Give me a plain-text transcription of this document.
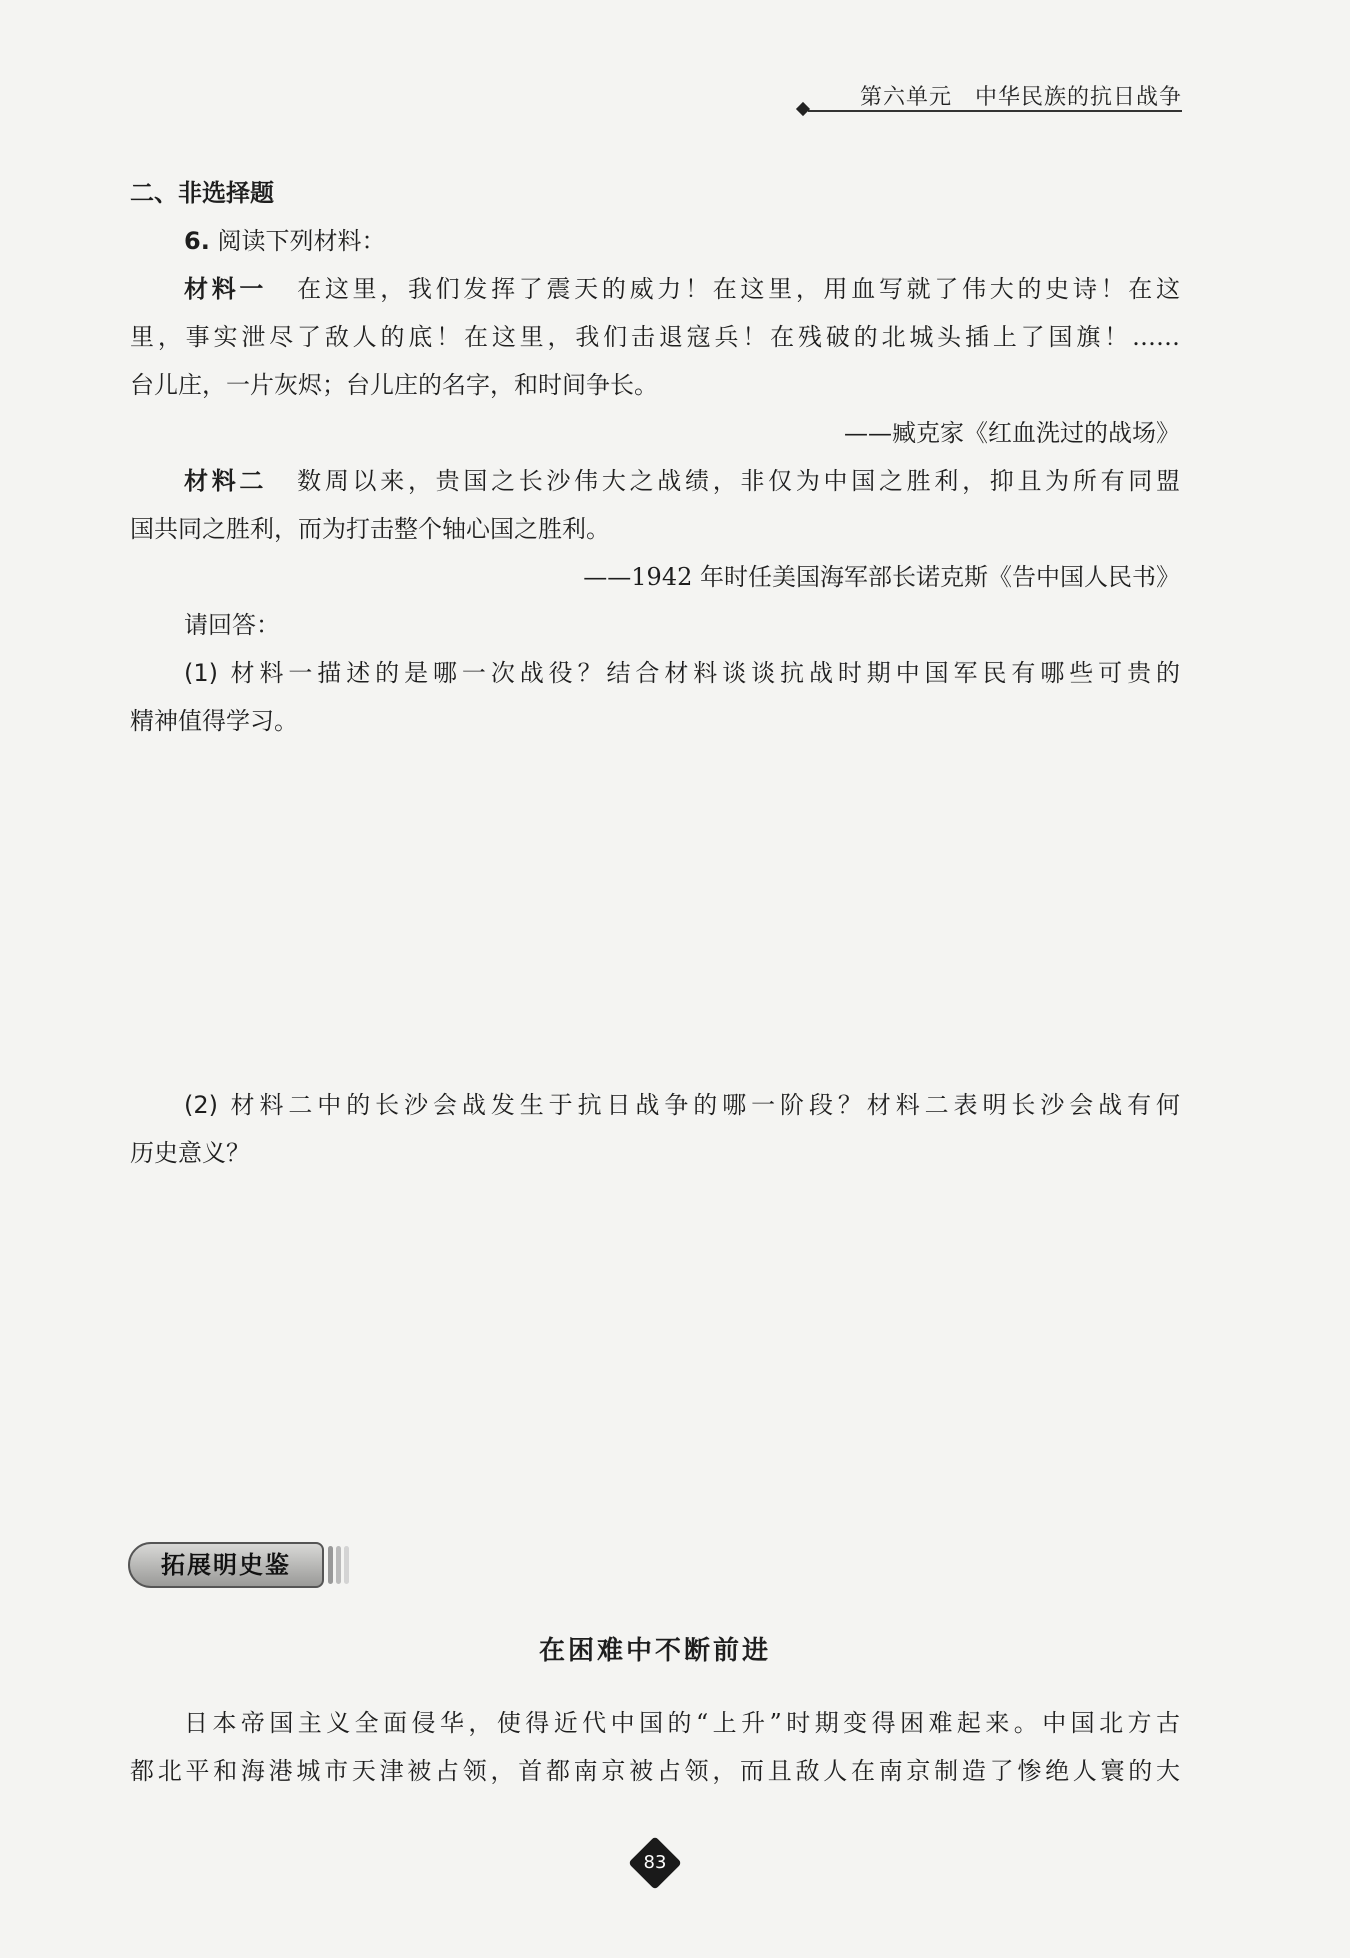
第六单元　中华民族的抗日战争
二、非选择题
6. 阅读下列材料：
材料一 在这里，我们发挥了震天的威力！在这里，用血写就了伟大的史诗！在这
里，事实泄尽了敌人的底！在这里，我们击退寇兵！在残破的北城头插上了国旗！……
台儿庄，一片灰烬；台儿庄的名字，和时间争长。
——臧克家《红血洗过的战场》
材料二 数周以来，贵国之长沙伟大之战绩，非仅为中国之胜利，抑且为所有同盟
国共同之胜利，而为打击整个轴心国之胜利。
——1942 年时任美国海军部长诺克斯《告中国人民书》
请回答：
(1) 材料一描述的是哪一次战役？结合材料谈谈抗战时期中国军民有哪些可贵的
精神值得学习。
(2) 材料二中的长沙会战发生于抗日战争的哪一阶段？材料二表明长沙会战有何
历史意义？
拓展明史鉴
在困难中不断前进
日本帝国主义全面侵华，使得近代中国的“上升”时期变得困难起来。中国北方古
都北平和海港城市天津被占领，首都南京被占领，而且敌人在南京制造了惨绝人寰的大
83
